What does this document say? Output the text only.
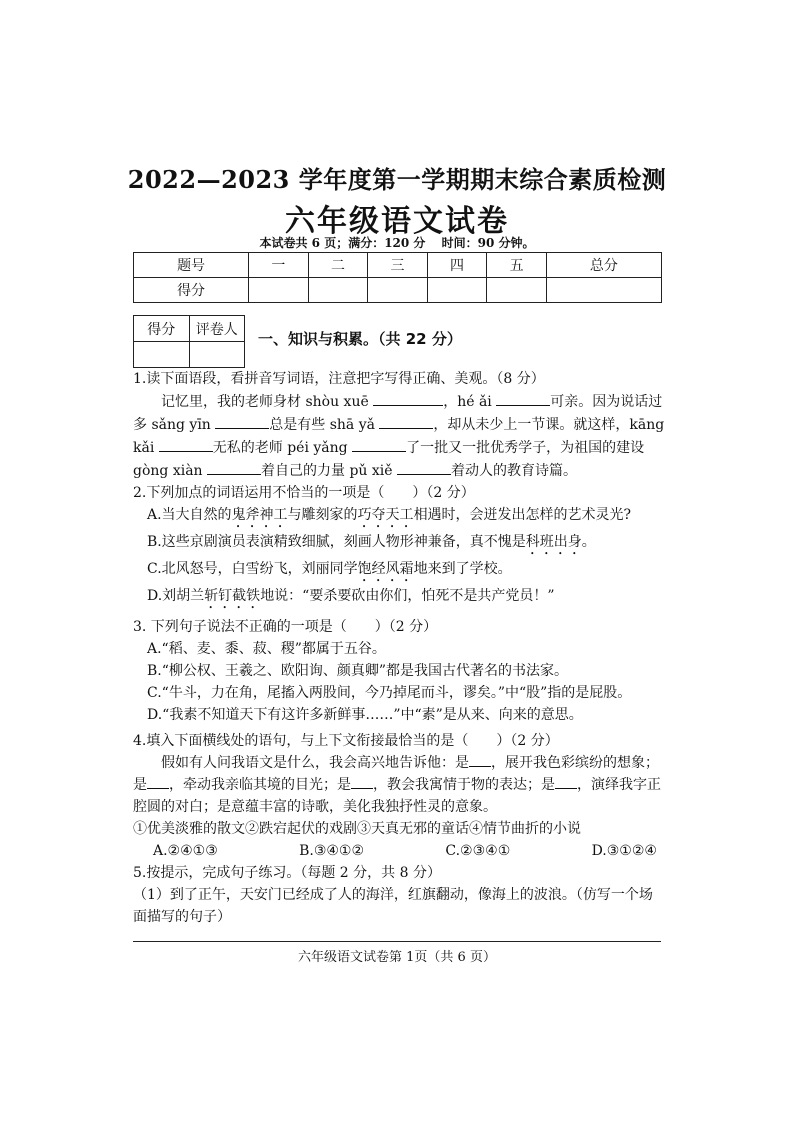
2022—2023 学年度第一学期期末综合素质检测
六年级语文试卷
本试卷共 6 页；满分：120 分　 时间：90 分钟。
题号	一	二	三	四	五	总分
得分						
得分	评卷人

一、知识与积累。（共 22 分）

1.读下面语段，看拼音写词语，注意把字写得正确、美观。（8 分）

记忆里，我的老师身材 shòu xuē	，hé ǎi	可亲。因为说话过多 sǎng yīn	总是有些 shā yǎ	，却从未少上一节课。就这样，kāng kǎi	无私的老师 péi yǎng	了一批又一批优秀学子，为祖国的建设 gòng xiàn	着自己的力量 pǔ xiě	着动人的教育诗篇。

2.下列加点的词语运用不恰当的一项是（　　）（2 分）

A.当大自然的鬼斧神工与雕刻家的巧夺天工相遇时，会迸发出怎样的艺术灵光?

B.这些京剧演员表演精致细腻，刻画人物形神兼备，真不愧是科班出身。

C.北风怒号，白雪纷飞，刘丽同学饱经风霜地来到了学校。

D.刘胡兰斩钉截铁地说：“要杀要砍由你们，怕死不是共产党员！”

3. 下列句子说法不正确的一项是（　　）（2 分）

A.“稻、麦、黍、菽、稷”都属于五谷。

B.“柳公权、王羲之、欧阳询、颜真卿”都是我国古代著名的书法家。

C.“牛斗，力在角，尾搐入两股间，今乃掉尾而斗，谬矣。”中“股”指的是屁股。

D.“我素不知道天下有这许多新鲜事……”中“素”是从来、向来的意思。

4.填入下面横线处的语句，与上下文衔接最恰当的是（　　）（2 分）

假如有人问我语文是什么，我会高兴地告诉他：是 ，展开我色彩缤纷的想象；是 ，牵动我亲临其境的目光；是 ，教会我寓情于物的表达；是 ，演绎我字正腔圆的对白；是意蕴丰富的诗歌，美化我独抒性灵的意象。

①优美淡雅的散文②跌宕起伏的戏剧③天真无邪的童话④情节曲折的小说

A.②④①③	B.③④①②	C.②③④①	D.③①②④

5.按提示，完成句子练习。（每题 2 分，共 8 分）

（1）到了正午，天安门已经成了人的海洋，红旗翻动，像海上的波浪。（仿写一个场面描写的句子）

六年级语文试卷第 1页（共 6 页）
